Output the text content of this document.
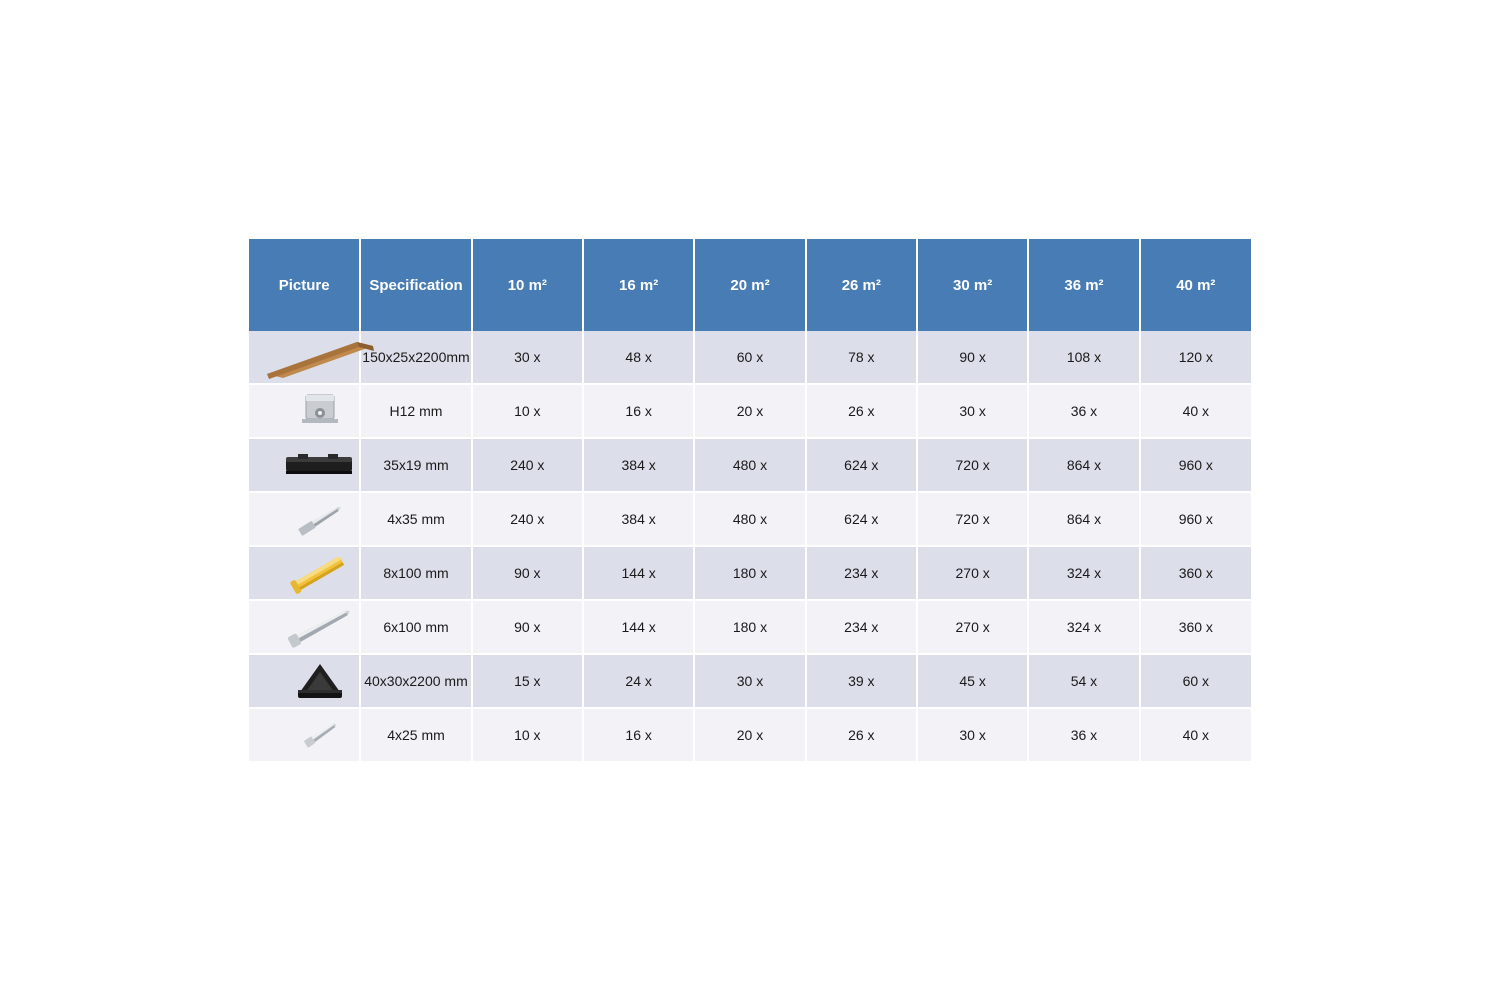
Picture	Specification	10 m²	16 m²	20 m²	26 m²	30 m²	36 m²	40 m²

	150x25x2200mm	30 x	48 x	60 x	78 x	90 x	108 x	120 x

	H12 mm	10 x	16 x	20 x	26 x	30 x	36 x	40 x

	35x19 mm	240 x	384 x	480 x	624 x	720 x	864 x	960 x

	4x35 mm	240 x	384 x	480 x	624 x	720 x	864 x	960 x

	8x100 mm	90 x	144 x	180 x	234 x	270 x	324 x	360 x

	6x100 mm	90 x	144 x	180 x	234 x	270 x	324 x	360 x

	40x30x2200 mm	15 x	24 x	30 x	39 x	45 x	54 x	60 x

	4x25 mm	10 x	16 x	20 x	26 x	30 x	36 x	40 x
